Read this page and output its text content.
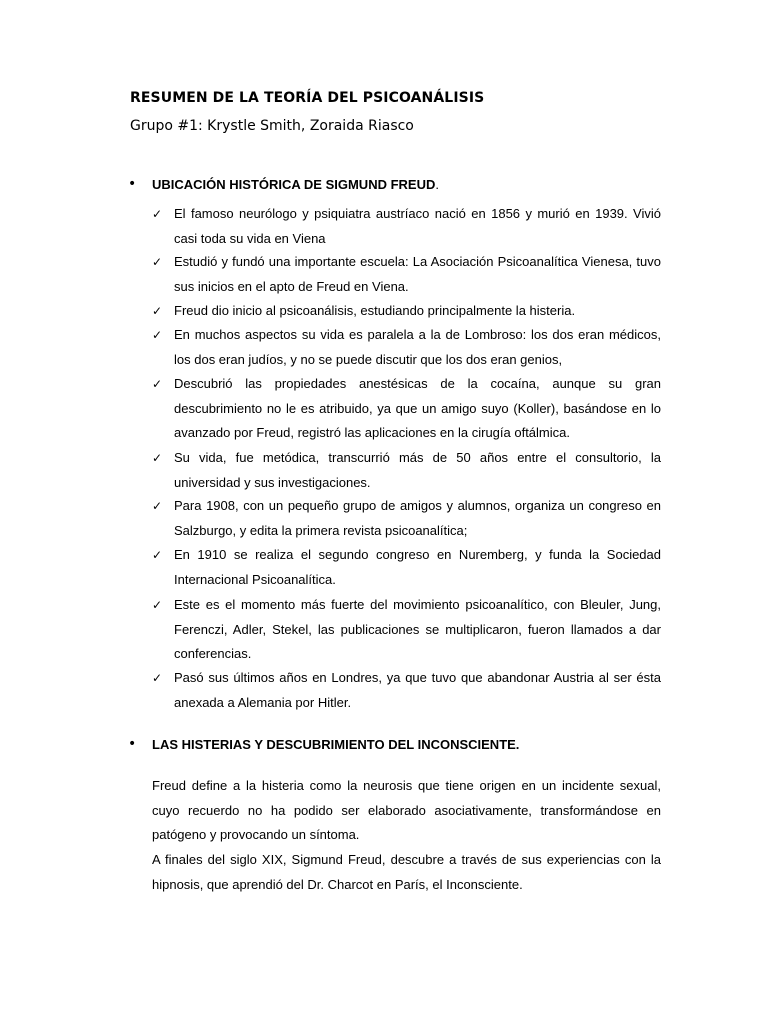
RESUMEN DE LA TEORÍA DEL PSICOANÁLISIS
Grupo #1: Krystle Smith, Zoraida Riasco
• UBICACIÓN HISTÓRICA DE SIGMUND FREUD.
✓ El famoso neurólogo y psiquiatra austríaco nació en 1856 y murió en 1939. Vivió casi toda su vida en Viena

✓ Estudió y fundó una importante escuela: La Asociación Psicoanalítica Vienesa, tuvo sus inicios en el apto de Freud en Viena.

✓ Freud dio inicio al psicoanálisis, estudiando principalmente la histeria.

✓ En muchos aspectos su vida es paralela a la de Lombroso: los dos eran médicos, los dos eran judíos, y no se puede discutir que los dos eran genios,

✓ Descubrió las propiedades anestésicas de la cocaína, aunque su gran descubrimiento no le es atribuido, ya que un amigo suyo (Koller), basándose en lo avanzado por Freud, registró las aplicaciones en la cirugía oftálmica.

✓ Su vida, fue metódica, transcurrió más de 50 años entre el consultorio, la universidad y sus investigaciones.

✓ Para 1908, con un pequeño grupo de amigos y alumnos, organiza un congreso en Salzburgo, y edita la primera revista psicoanalítica;

✓ En 1910 se realiza el segundo congreso en Nuremberg, y funda la Sociedad Internacional Psicoanalítica.

✓ Este es el momento más fuerte del movimiento psicoanalítico, con Bleuler, Jung, Ferenczi, Adler, Stekel, las publicaciones se multiplicaron, fueron llamados a dar conferencias.

✓ Pasó sus últimos años en Londres, ya que tuvo que abandonar Austria al ser ésta anexada a Alemania por Hitler.

• LAS HISTERIAS Y DESCUBRIMIENTO DEL INCONSCIENTE.

Freud define a la histeria como la neurosis que tiene origen en un incidente sexual, cuyo recuerdo no ha podido ser elaborado asociativamente, transformándose en patógeno y provocando un síntoma.

A finales del siglo XIX, Sigmund Freud, descubre a través de sus experiencias con la hipnosis, que aprendió del Dr. Charcot en París, el Inconsciente.
